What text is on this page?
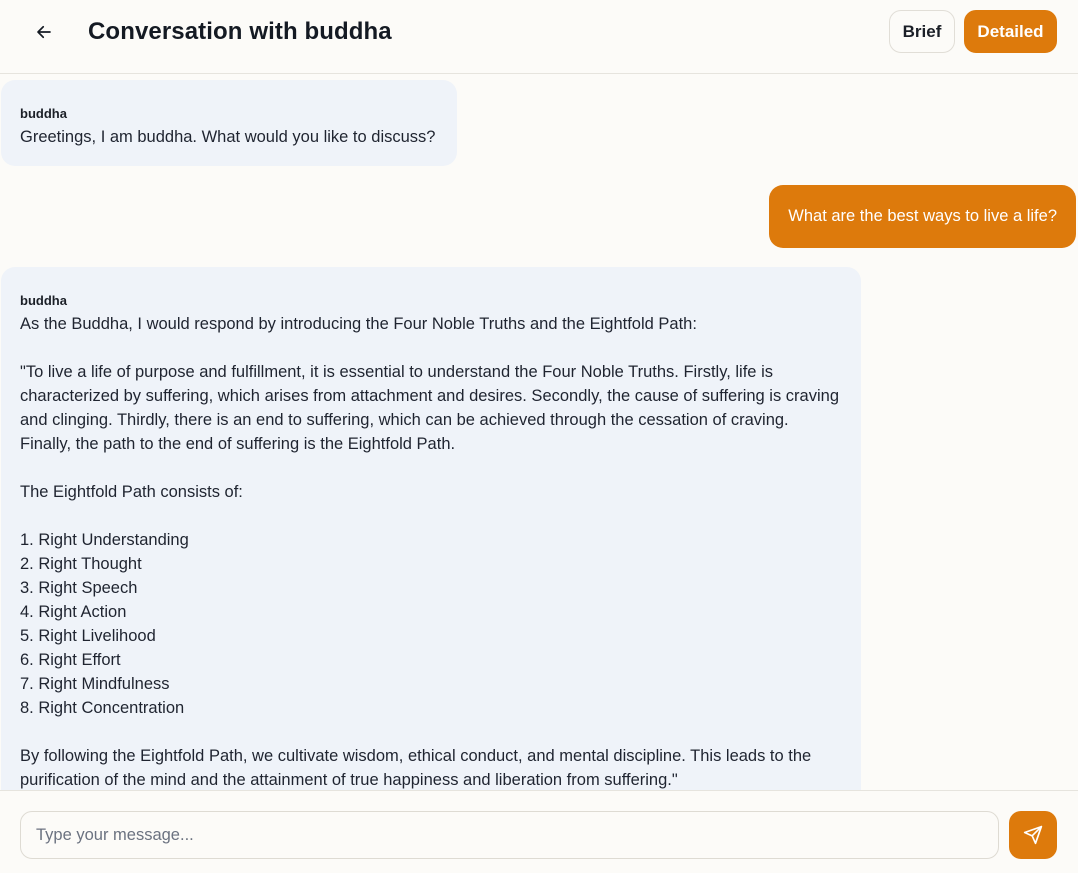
Conversation with buddha	Brief	Detailed
buddha
Greetings, I am buddha. What would you like to discuss?
What are the best ways to live a life?
buddha
As the Buddha, I would respond by introducing the Four Noble Truths and the Eightfold Path:

"To live a life of purpose and fulfillment, it is essential to understand the Four Noble Truths. Firstly, life is characterized by suffering, which arises from attachment and desires. Secondly, the cause of suffering is craving and clinging. Thirdly, there is an end to suffering, which can be achieved through the cessation of craving. Finally, the path to the end of suffering is the Eightfold Path.

The Eightfold Path consists of:

1. Right Understanding
2. Right Thought
3. Right Speech
4. Right Action
5. Right Livelihood
6. Right Effort
7. Right Mindfulness
8. Right Concentration

By following the Eightfold Path, we cultivate wisdom, ethical conduct, and mental discipline. This leads to the purification of the mind and the attainment of true happiness and liberation from suffering."
Type your message...
